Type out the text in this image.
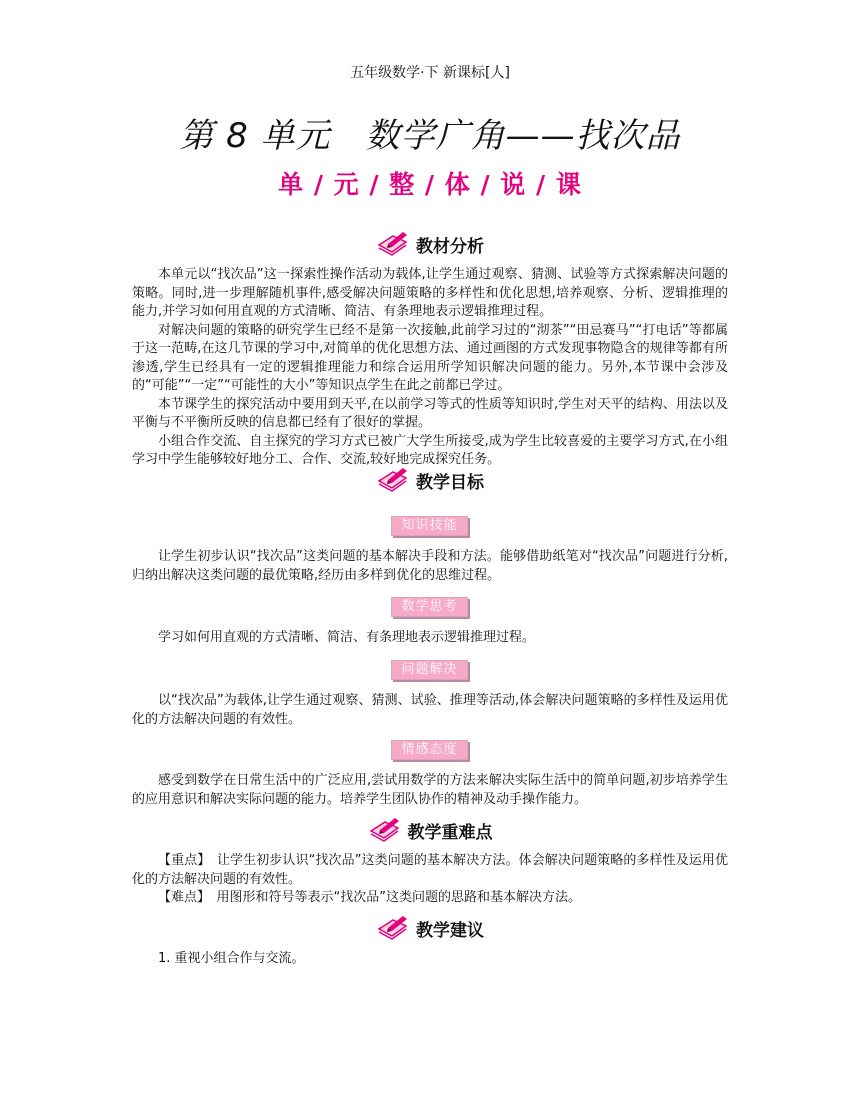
五年级数学·下 新课标[人]
第 8 单元　数学广角——找次品
单 / 元 / 整 / 体 / 说 / 课
教材分析

本单元以“找次品”这一探索性操作活动为载体,让学生通过观察、猜测、试验等方式探索解决问题的策略。同时,进一步理解随机事件,感受解决问题策略的多样性和优化思想,培养观察、分析、逻辑推理的能力,并学习如何用直观的方式清晰、简洁、有条理地表示逻辑推理过程。

对解决问题的策略的研究学生已经不是第一次接触,此前学习过的“沏茶”“田忌赛马”“打电话”等都属于这一范畴,在这几节课的学习中,对简单的优化思想方法、通过画图的方式发现事物隐含的规律等都有所渗透,学生已经具有一定的逻辑推理能力和综合运用所学知识解决问题的能力。另外,本节课中会涉及的“可能”“一定”“可能性的大小”等知识点学生在此之前都已学过。

本节课学生的探究活动中要用到天平,在以前学习等式的性质等知识时,学生对天平的结构、用法以及平衡与不平衡所反映的信息都已经有了很好的掌握。

小组合作交流、自主探究的学习方式已被广大学生所接受,成为学生比较喜爱的主要学习方式,在小组学习中学生能够较好地分工、合作、交流,较好地完成探究任务。

教学目标
知识技能

让学生初步认识“找次品”这类问题的基本解决手段和方法。能够借助纸笔对“找次品”问题进行分析,归纳出解决这类问题的最优策略,经历由多样到优化的思维过程。

数学思考

学习如何用直观的方式清晰、简洁、有条理地表示逻辑推理过程。

问题解决

以“找次品”为载体,让学生通过观察、猜测、试验、推理等活动,体会解决问题策略的多样性及运用优化的方法解决问题的有效性。

情感态度

感受到数学在日常生活中的广泛应用,尝试用数学的方法来解决实际生活中的简单问题,初步培养学生的应用意识和解决实际问题的能力。培养学生团队协作的精神及动手操作能力。

教学重难点

【重点】　 让学生初步认识“找次品”这类问题的基本解决方法。体会解决问题策略的多样性及运用优化的方法解决问题的有效性。

【难点】　 用图形和符号等表示“找次品”这类问题的思路和基本解决方法。

教学建议

1. 重视小组合作与交流。
